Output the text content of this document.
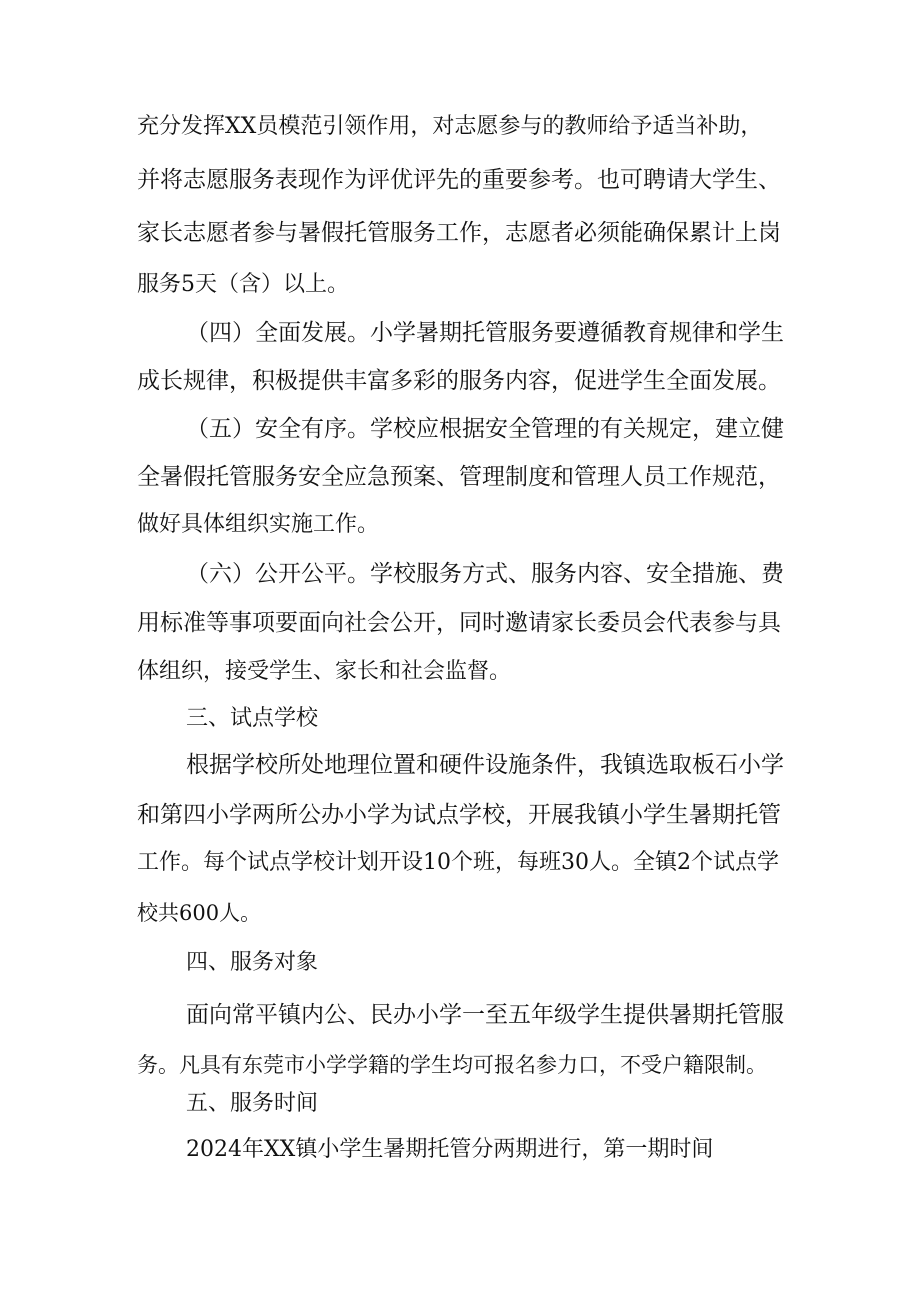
充分发挥XX员模范引领作用，对志愿参与的教师给予适当补助，
并将志愿服务表现作为评优评先的重要参考。也可聘请大学生、
家长志愿者参与暑假托管服务工作，志愿者必须能确保累计上岗
服务5天（含）以上。
（四）全面发展。小学暑期托管服务要遵循教育规律和学生
成长规律，积极提供丰富多彩的服务内容，促进学生全面发展。
（五）安全有序。学校应根据安全管理的有关规定，建立健
全暑假托管服务安全应急预案、管理制度和管理人员工作规范，
做好具体组织实施工作。
（六）公开公平。学校服务方式、服务内容、安全措施、费
用标准等事项要面向社会公开，同时邀请家长委员会代表参与具
体组织，接受学生、家长和社会监督。
三、试点学校
根据学校所处地理位置和硬件设施条件，我镇选取板石小学
和第四小学两所公办小学为试点学校，开展我镇小学生暑期托管
工作。每个试点学校计划开设10个班，每班30人。全镇2个试点学
校共600人。
四、服务对象
面向常平镇内公、民办小学一至五年级学生提供暑期托管服
务。凡具有东莞市小学学籍的学生均可报名参力口，不受户籍限制。
五、服务时间
2024年XX镇小学生暑期托管分两期进行，第一期时间
